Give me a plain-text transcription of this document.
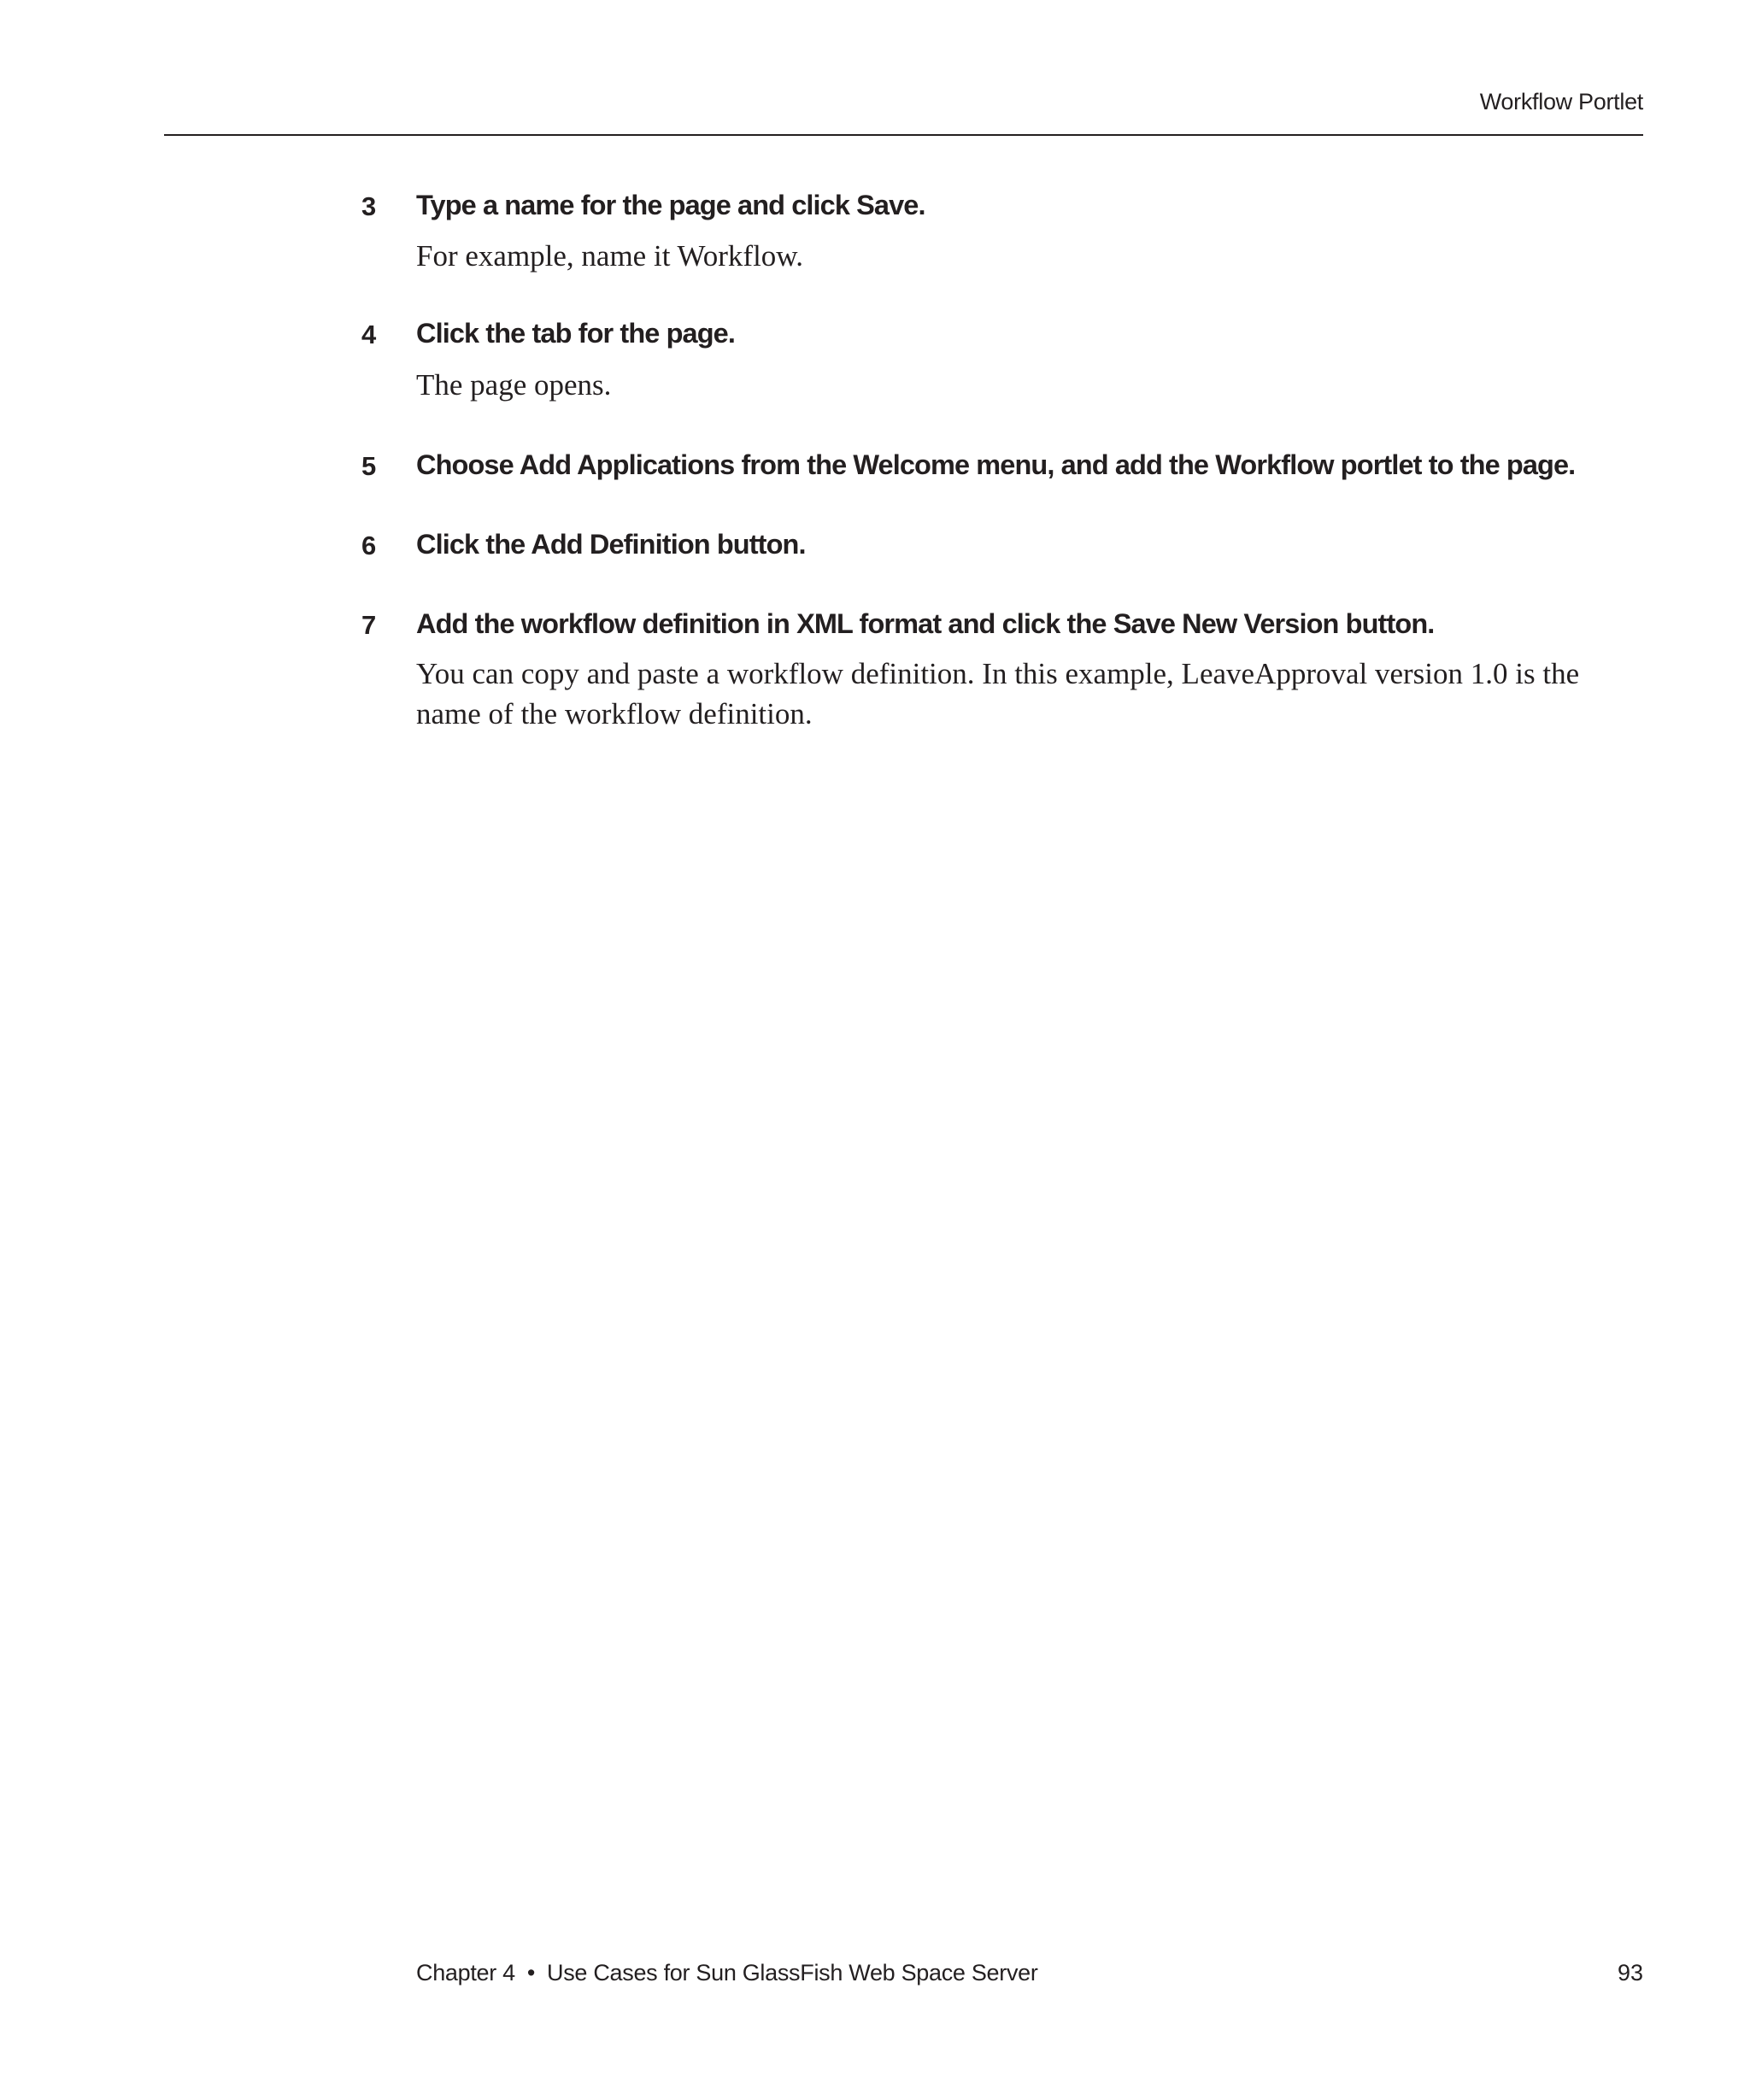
Workflow Portlet
3 Type a name for the page and click Save.
For example, name it Workflow.
4 Click the tab for the page.
The page opens.
5 Choose Add Applications from the Welcome menu, and add the Workflow portlet to the page.
6 Click the Add Definition button.
7 Add the workflow definition in XML format and click the Save New Version button.
You can copy and paste a workflow definition. In this example, LeaveApproval version 1.0 is the name of the workflow definition.
Chapter 4 • Use Cases for Sun GlassFish Web Space Server	93
